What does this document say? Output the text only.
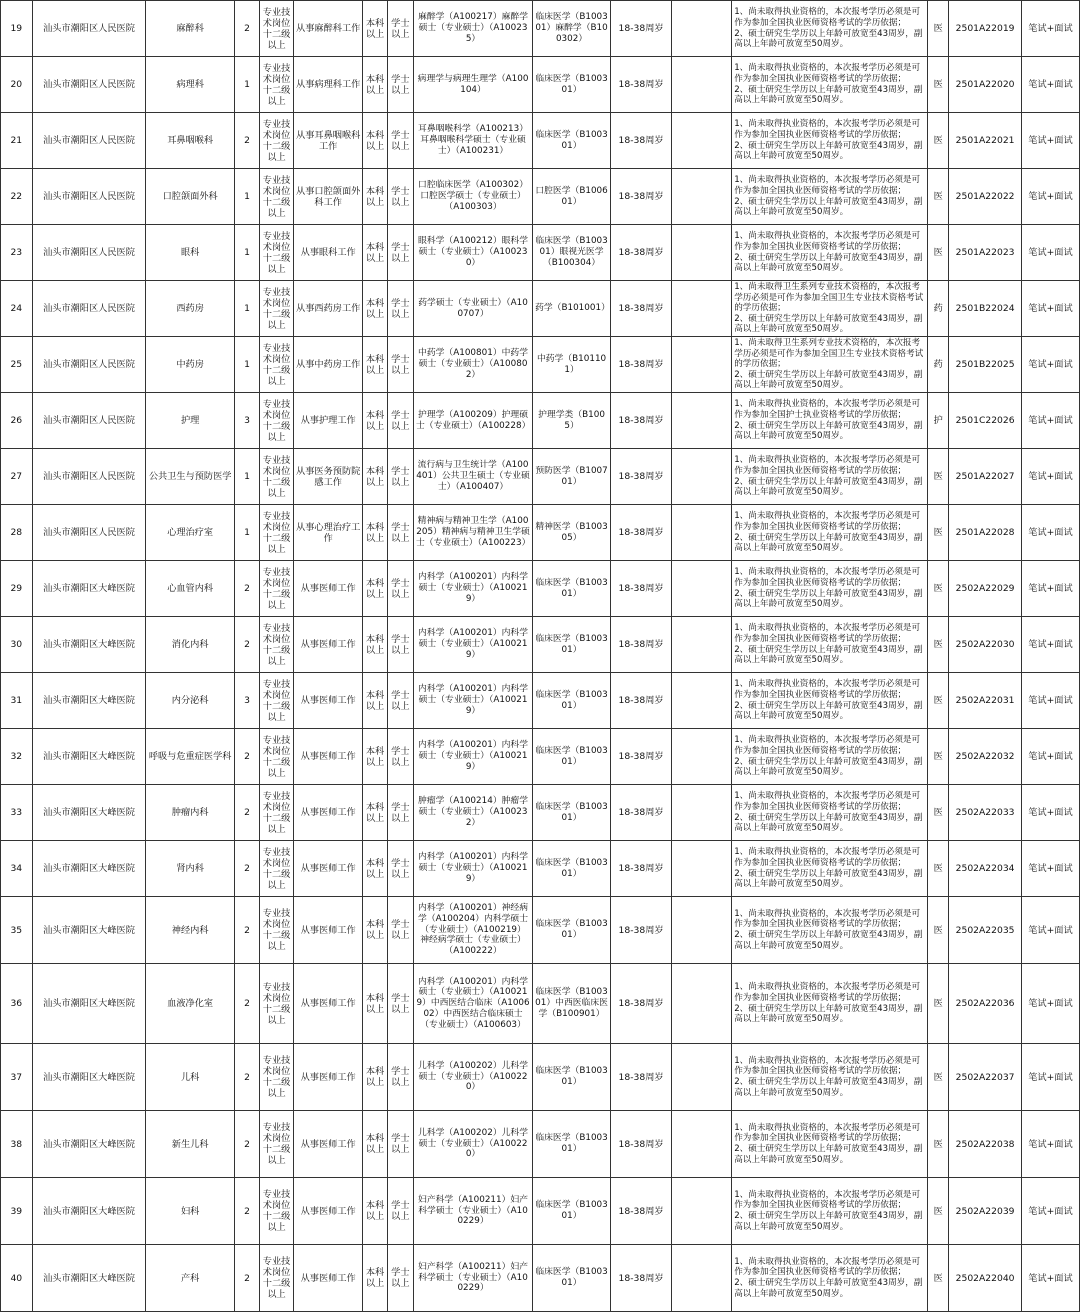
19	汕头市潮阳区人民医院	麻醉科	2	专业技术岗位十二级以上	从事麻醉科工作	本科以上	学士以上	麻醉学（A100217）麻醉学硕士（专业硕士）（A100235）	临床医学（B100301）麻醉学（B100302）	18-38周岁		1、尚未取得执业资格的，本次报考学历必须是可作为参加全国执业医师资格考试的学历依据；
2、硕士研究生学历以上年龄可放宽至43周岁，副高以上年龄可放宽至50周岁。	医	2501A22019	笔试+面试
20	汕头市潮阳区人民医院	病理科	1	专业技术岗位十二级以上	从事病理科工作	本科以上	学士以上	病理学与病理生理学（A100104）	临床医学（B100301）	18-38周岁		1、尚未取得执业资格的，本次报考学历必须是可作为参加全国执业医师资格考试的学历依据；
2、硕士研究生学历以上年龄可放宽至43周岁，副高以上年龄可放宽至50周岁。	医	2501A22020	笔试+面试
21	汕头市潮阳区人民医院	耳鼻咽喉科	2	专业技术岗位十二级以上	从事耳鼻咽喉科工作	本科以上	学士以上	耳鼻咽喉科学（A100213）耳鼻咽喉科学硕士（专业硕士）（A100231）	临床医学（B100301）	18-38周岁		1、尚未取得执业资格的，本次报考学历必须是可作为参加全国执业医师资格考试的学历依据；
2、硕士研究生学历以上年龄可放宽至43周岁，副高以上年龄可放宽至50周岁。	医	2501A22021	笔试+面试
22	汕头市潮阳区人民医院	口腔颌面外科	1	专业技术岗位十二级以上	从事口腔颌面外科工作	本科以上	学士以上	口腔临床医学（A100302）口腔医学硕士（专业硕士）（A100303）	口腔医学（B100601）	18-38周岁		1、尚未取得执业资格的，本次报考学历必须是可作为参加全国执业医师资格考试的学历依据；
2、硕士研究生学历以上年龄可放宽至43周岁，副高以上年龄可放宽至50周岁。	医	2501A22022	笔试+面试
23	汕头市潮阳区人民医院	眼科	1	专业技术岗位十二级以上	从事眼科工作	本科以上	学士以上	眼科学（A100212）眼科学硕士（专业硕士）（A100230）	临床医学（B100301）眼视光医学（B100304）	18-38周岁		1、尚未取得执业资格的，本次报考学历必须是可作为参加全国执业医师资格考试的学历依据；
2、硕士研究生学历以上年龄可放宽至43周岁，副高以上年龄可放宽至50周岁。	医	2501A22023	笔试+面试
24	汕头市潮阳区人民医院	西药房	1	专业技术岗位十二级以上	从事西药房工作	本科以上	学士以上	药学硕士（专业硕士）（A100707）	药学（B101001）	18-38周岁		1、尚未取得卫生系列专业技术资格的，本次报考学历必须是可作为参加全国卫生专业技术资格考试的学历依据；
2、硕士研究生学历以上年龄可放宽至43周岁，副高以上年龄可放宽至50周岁。	药	2501B22024	笔试+面试
25	汕头市潮阳区人民医院	中药房	1	专业技术岗位十二级以上	从事中药房工作	本科以上	学士以上	中药学（A100801）中药学硕士（专业硕士）（A100802）	中药学（B101101）	18-38周岁		1、尚未取得卫生系列专业技术资格的，本次报考学历必须是可作为参加全国卫生专业技术资格考试的学历依据；
2、硕士研究生学历以上年龄可放宽至43周岁，副高以上年龄可放宽至50周岁。	药	2501B22025	笔试+面试
26	汕头市潮阳区人民医院	护理	3	专业技术岗位十二级以上	从事护理工作	本科以上	学士以上	护理学（A100209）护理硕士（专业硕士）（A100228）	护理学类（B1005）	18-38周岁		1、尚未取得执业资格的，本次报考学历必须是可作为参加全国护士执业资格考试的学历依据；
2、硕士研究生学历以上年龄可放宽至43周岁，副高以上年龄可放宽至50周岁。	护	2501C22026	笔试+面试
27	汕头市潮阳区人民医院	公共卫生与预防医学	1	专业技术岗位十二级以上	从事医务预防院感工作	本科以上	学士以上	流行病与卫生统计学（A100401）公共卫生硕士（专业硕士）（A100407）	预防医学（B100701）	18-38周岁		1、尚未取得执业资格的，本次报考学历必须是可作为参加全国执业医师资格考试的学历依据；
2、硕士研究生学历以上年龄可放宽至43周岁，副高以上年龄可放宽至50周岁。	医	2501A22027	笔试+面试
28	汕头市潮阳区人民医院	心理治疗室	1	专业技术岗位十二级以上	从事心理治疗工作	本科以上	学士以上	精神病与精神卫生学（A100205）精神病与精神卫生学硕士（专业硕士）（A100223）	精神医学（B100305）	18-38周岁		1、尚未取得执业资格的，本次报考学历必须是可作为参加全国执业医师资格考试的学历依据；
2、硕士研究生学历以上年龄可放宽至43周岁，副高以上年龄可放宽至50周岁。	医	2501A22028	笔试+面试
29	汕头市潮阳区大峰医院	心血管内科	2	专业技术岗位十二级以上	从事医师工作	本科以上	学士以上	内科学（A100201）内科学硕士（专业硕士）（A100219）	临床医学（B100301）	18-38周岁		1、尚未取得执业资格的，本次报考学历必须是可作为参加全国执业医师资格考试的学历依据；
2、硕士研究生学历以上年龄可放宽至43周岁，副高以上年龄可放宽至50周岁。	医	2502A22029	笔试+面试
30	汕头市潮阳区大峰医院	消化内科	2	专业技术岗位十二级以上	从事医师工作	本科以上	学士以上	内科学（A100201）内科学硕士（专业硕士）（A100219）	临床医学（B100301）	18-38周岁		1、尚未取得执业资格的，本次报考学历必须是可作为参加全国执业医师资格考试的学历依据；
2、硕士研究生学历以上年龄可放宽至43周岁，副高以上年龄可放宽至50周岁。	医	2502A22030	笔试+面试
31	汕头市潮阳区大峰医院	内分泌科	3	专业技术岗位十二级以上	从事医师工作	本科以上	学士以上	内科学（A100201）内科学硕士（专业硕士）（A100219）	临床医学（B100301）	18-38周岁		1、尚未取得执业资格的，本次报考学历必须是可作为参加全国执业医师资格考试的学历依据；
2、硕士研究生学历以上年龄可放宽至43周岁，副高以上年龄可放宽至50周岁。	医	2502A22031	笔试+面试
32	汕头市潮阳区大峰医院	呼吸与危重症医学科	2	专业技术岗位十二级以上	从事医师工作	本科以上	学士以上	内科学（A100201）内科学硕士（专业硕士）（A100219）	临床医学（B100301）	18-38周岁		1、尚未取得执业资格的，本次报考学历必须是可作为参加全国执业医师资格考试的学历依据；
2、硕士研究生学历以上年龄可放宽至43周岁，副高以上年龄可放宽至50周岁。	医	2502A22032	笔试+面试
33	汕头市潮阳区大峰医院	肿瘤内科	2	专业技术岗位十二级以上	从事医师工作	本科以上	学士以上	肿瘤学（A100214）肿瘤学硕士（专业硕士）（A100232）	临床医学（B100301）	18-38周岁		1、尚未取得执业资格的，本次报考学历必须是可作为参加全国执业医师资格考试的学历依据；
2、硕士研究生学历以上年龄可放宽至43周岁，副高以上年龄可放宽至50周岁。	医	2502A22033	笔试+面试
34	汕头市潮阳区大峰医院	肾内科	2	专业技术岗位十二级以上	从事医师工作	本科以上	学士以上	内科学（A100201）内科学硕士（专业硕士）（A100219）	临床医学（B100301）	18-38周岁		1、尚未取得执业资格的，本次报考学历必须是可作为参加全国执业医师资格考试的学历依据；
2、硕士研究生学历以上年龄可放宽至43周岁，副高以上年龄可放宽至50周岁。	医	2502A22034	笔试+面试
35	汕头市潮阳区大峰医院	神经内科	2	专业技术岗位十二级以上	从事医师工作	本科以上	学士以上	内科学（A100201）神经病学（A100204）内科学硕士（专业硕士）（A100219）神经病学硕士（专业硕士）（A100222）	临床医学（B100301）	18-38周岁		1、尚未取得执业资格的，本次报考学历必须是可作为参加全国执业医师资格考试的学历依据；
2、硕士研究生学历以上年龄可放宽至43周岁，副高以上年龄可放宽至50周岁。	医	2502A22035	笔试+面试
36	汕头市潮阳区大峰医院	血液净化室	2	专业技术岗位十二级以上	从事医师工作	本科以上	学士以上	内科学（A100201）内科学硕士（专业硕士）（A100219）中西医结合临床（A100602）中西医结合临床硕士（专业硕士）（A100603）	临床医学（B100301）中西医临床医学（B100901）	18-38周岁		1、尚未取得执业资格的，本次报考学历必须是可作为参加全国执业医师资格考试的学历依据；
2、硕士研究生学历以上年龄可放宽至43周岁，副高以上年龄可放宽至50周岁。	医	2502A22036	笔试+面试
37	汕头市潮阳区大峰医院	儿科	2	专业技术岗位十二级以上	从事医师工作	本科以上	学士以上	儿科学（A100202）儿科学硕士（专业硕士）（A100220）	临床医学（B100301）	18-38周岁		1、尚未取得执业资格的，本次报考学历必须是可作为参加全国执业医师资格考试的学历依据；
2、硕士研究生学历以上年龄可放宽至43周岁，副高以上年龄可放宽至50周岁。	医	2502A22037	笔试+面试
38	汕头市潮阳区大峰医院	新生儿科	2	专业技术岗位十二级以上	从事医师工作	本科以上	学士以上	儿科学（A100202）儿科学硕士（专业硕士）（A100220）	临床医学（B100301）	18-38周岁		1、尚未取得执业资格的，本次报考学历必须是可作为参加全国执业医师资格考试的学历依据；
2、硕士研究生学历以上年龄可放宽至43周岁，副高以上年龄可放宽至50周岁。	医	2502A22038	笔试+面试
39	汕头市潮阳区大峰医院	妇科	2	专业技术岗位十二级以上	从事医师工作	本科以上	学士以上	妇产科学（A100211）妇产科学硕士（专业硕士）（A100229）	临床医学（B100301）	18-38周岁		1、尚未取得执业资格的，本次报考学历必须是可作为参加全国执业医师资格考试的学历依据；
2、硕士研究生学历以上年龄可放宽至43周岁，副高以上年龄可放宽至50周岁。	医	2502A22039	笔试+面试
40	汕头市潮阳区大峰医院	产科	2	专业技术岗位十二级以上	从事医师工作	本科以上	学士以上	妇产科学（A100211）妇产科学硕士（专业硕士）（A100229）	临床医学（B100301）	18-38周岁		1、尚未取得执业资格的，本次报考学历必须是可作为参加全国执业医师资格考试的学历依据；
2、硕士研究生学历以上年龄可放宽至43周岁，副高以上年龄可放宽至50周岁。	医	2502A22040	笔试+面试
